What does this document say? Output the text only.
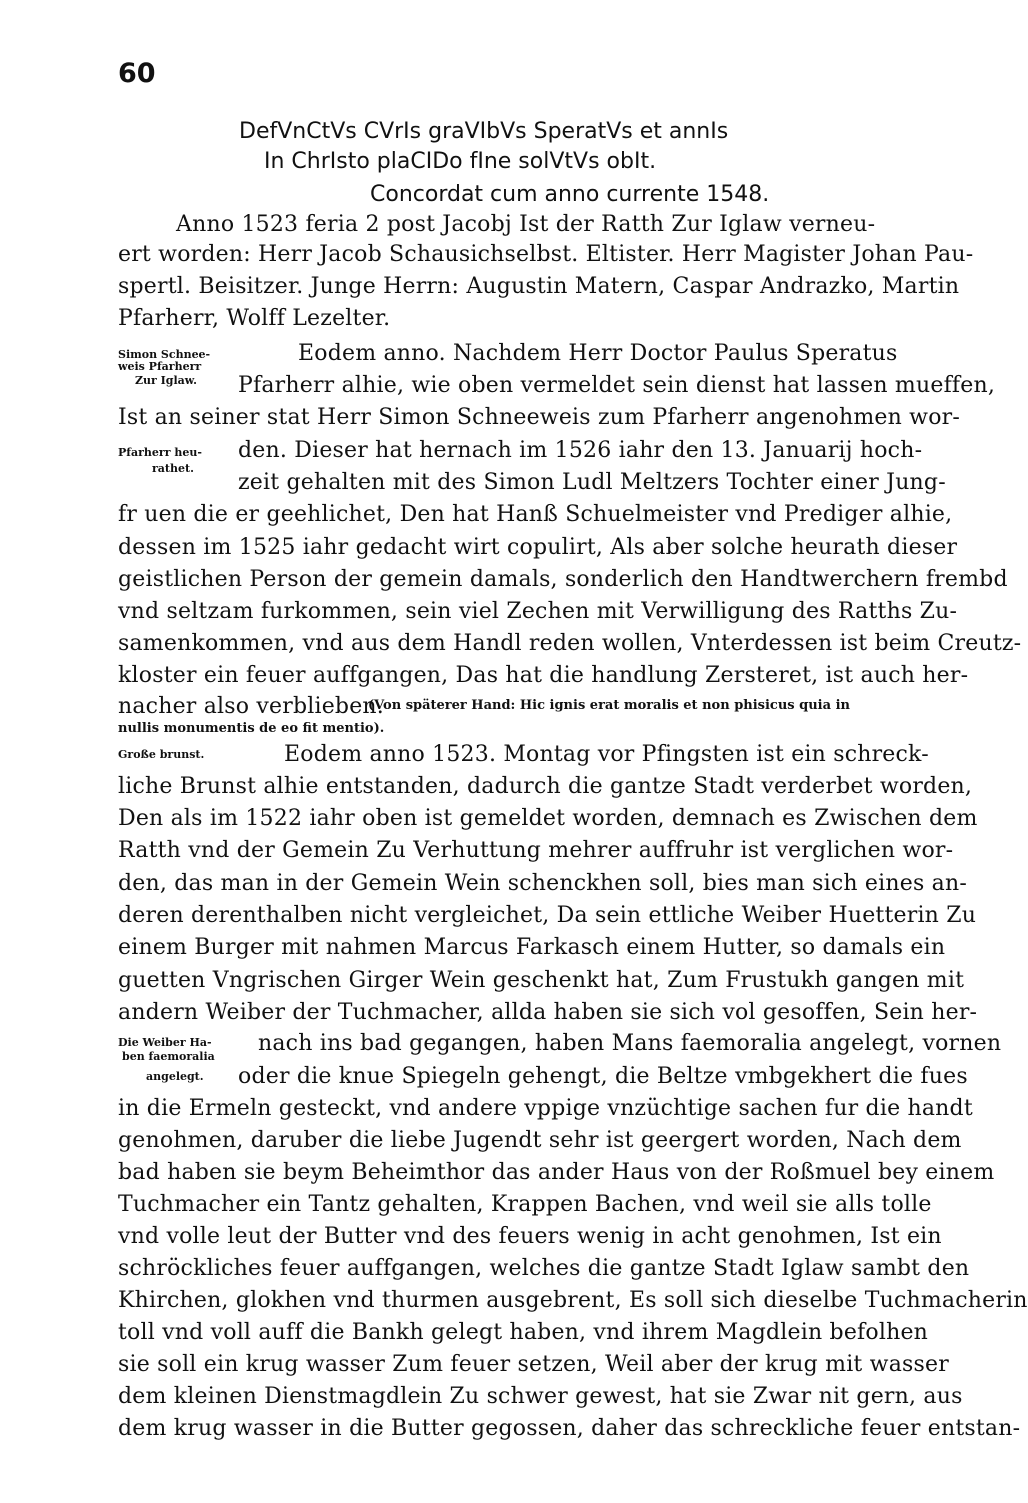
60
DefVnCtVs CVrIs graVIbVs SperatVs et annIs
In ChrIsto plaCIDo fIne solVtVs obIt.
Concordat cum anno currente 1548.
Anno 1523 feria 2 post Jacobj Ist der Ratth Zur Iglaw verneu-
ert worden: Herr Jacob Schausichselbst. Eltister. Herr Magister Johan Pau-
spertl. Beisitzer. Junge Herrn: Augustin Matern, Caspar Andrazko, Martin
Pfarherr, Wolff Lezelter.
Simon Schnee-
weis Pfarherr
Zur Iglaw.
Eodem anno. Nachdem Herr Doctor Paulus Speratus
Pfarherr alhie, wie oben vermeldet sein dienst hat lassen mueffen,
Ist an seiner stat Herr Simon Schneeweis zum Pfarherr angenohmen wor-
Pfarherr heu-
rathet.
den. Dieser hat hernach im 1526 iahr den 13. Januarij hoch-
zeit gehalten mit des Simon Ludl Meltzers Tochter einer Jung-
fr uen die er geehlichet, Den hat Hanß Schuelmeister vnd Prediger alhie,
dessen im 1525 iahr gedacht wirt copulirt, Als aber solche heurath dieser
geistlichen Person der gemein damals, sonderlich den Handtwerchern frembd
vnd seltzam furkommen, sein viel Zechen mit Verwilligung des Ratths Zu-
samenkommen, vnd aus dem Handl reden wollen, Vnterdessen ist beim Creutz-
kloster ein feuer auffgangen, Das hat die handlung Zersteret, ist auch her-
nacher also verblieben.
(Von späterer Hand: Hic ignis erat moralis et non phisicus quia in
nullis monumentis de eo fit mentio).
Große brunst.	Eodem anno 1523. Montag vor Pfingsten ist ein schreck-
liche Brunst alhie entstanden, dadurch die gantze Stadt verderbet worden,
Den als im 1522 iahr oben ist gemeldet worden, demnach es Zwischen dem
Ratth vnd der Gemein Zu Verhuttung mehrer auffruhr ist verglichen wor-
den, das man in der Gemein Wein schenckhen soll, bies man sich eines an-
deren derenthalben nicht vergleichet, Da sein ettliche Weiber Huetterin Zu
einem Burger mit nahmen Marcus Farkasch einem Hutter, so damals ein
guetten Vngrischen Girger Wein geschenkt hat, Zum Frustukh gangen mit
andern Weiber der Tuchmacher, allda haben sie sich vol gesoffen, Sein her-
Die Weiber Ha-
ben faemoralia
angelegt.
nach ins bad gegangen, haben Mans faemoralia angelegt, vornen
oder die knue Spiegeln gehengt, die Beltze vmbgekhert die fues
in die Ermeln gesteckt, vnd andere vppige vnzüchtige sachen fur die handt
genohmen, daruber die liebe Jugendt sehr ist geergert worden, Nach dem
bad haben sie beym Beheimthor das ander Haus von der Roßmuel bey einem
Tuchmacher ein Tantz gehalten, Krappen Bachen, vnd weil sie alls tolle
vnd volle leut der Butter vnd des feuers wenig in acht genohmen, Ist ein
schröckliches feuer auffgangen, welches die gantze Stadt Iglaw sambt den
Khirchen, glokhen vnd thurmen ausgebrent, Es soll sich dieselbe Tuchmacherin
toll vnd voll auff die Bankh gelegt haben, vnd ihrem Magdlein befolhen
sie soll ein krug wasser Zum feuer setzen, Weil aber der krug mit wasser
dem kleinen Dienstmagdlein Zu schwer gewest, hat sie Zwar nit gern, aus
dem krug wasser in die Butter gegossen, daher das schreckliche feuer entstan-
